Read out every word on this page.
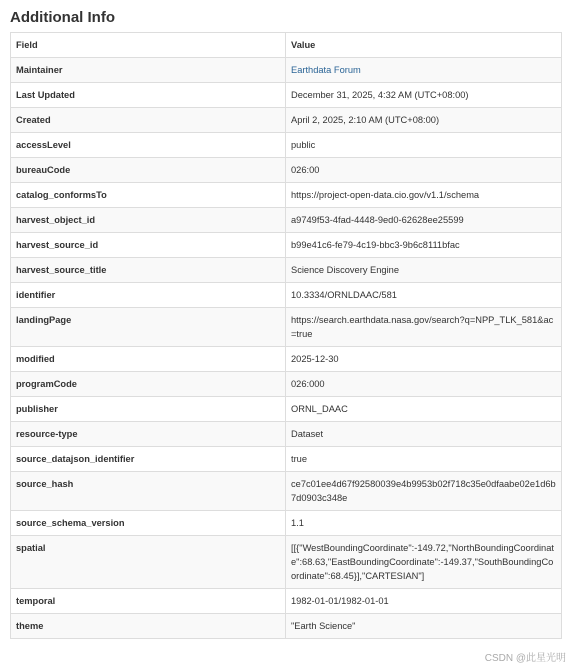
Additional Info
Field	Value
Maintainer	Earthdata Forum
Last Updated	December 31, 2025, 4:32 AM (UTC+08:00)
Created	April 2, 2025, 2:10 AM (UTC+08:00)
accessLevel	public
bureauCode	026:00
catalog_conformsTo	https://project-open-data.cio.gov/v1.1/schema
harvest_object_id	a9749f53-4fad-4448-9ed0-62628ee25599
harvest_source_id	b99e41c6-fe79-4c19-bbc3-9b6c8111bfac
harvest_source_title	Science Discovery Engine
identifier	10.3334/ORNLDAAC/581
landingPage	https://search.earthdata.nasa.gov/search?q=NPP_TLK_581&ac=true
modified	2025-12-30
programCode	026:000
publisher	ORNL_DAAC
resource-type	Dataset
source_datajson_identifier	true
source_hash	ce7c01ee4d67f92580039e4b9953b02f718c35e0dfaabe02e1d6b7d0903c348e
source_schema_version	1.1
spatial	[[{"WestBoundingCoordinate":-149.72,"NorthBoundingCoordinate":68.63,"EastBoundingCoordinate":-149.37,"SouthBoundingCoordinate":68.45}],"CARTESIAN"]
temporal	1982-01-01/1982-01-01
theme	"Earth Science"
CSDN @此星光明
